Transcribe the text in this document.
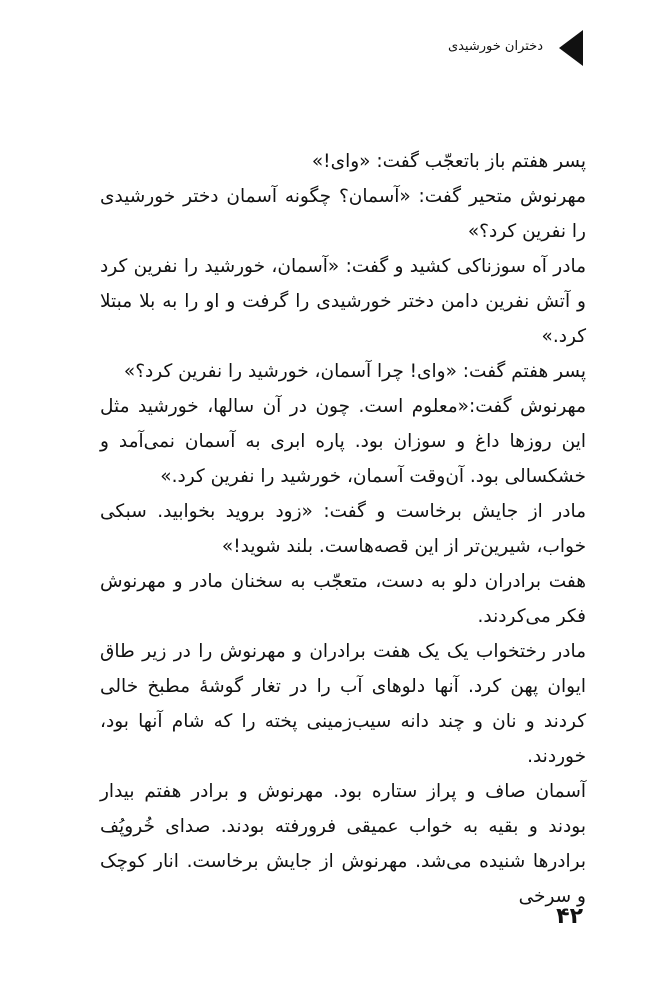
دختران خورشیدی

پسر هفتم باز باتعجّب گفت: «وای!»

مهرنوش متحیر گفت: «آسمان؟ چگونه آسمان دختر خورشیدی را نفرین کرد؟»

مادر آه سوزناکی کشید و گفت: «آسمان، خورشید را نفرین کرد و آتش نفرین دامن دختر خورشیدی را گرفت و او را به بلا مبتلا کرد.»

پسر هفتم گفت: «وای! چرا آسمان، خورشید را نفرین کرد؟»

مهرنوش گفت:«معلوم است. چون در آن سالها، خورشید مثل این روزها داغ و سوزان بود. پاره ابری به آسمان نمی‌آمد و خشکسالی بود. آن‌وقت آسمان، خورشید را نفرین کرد.»

مادر از جایش برخاست و گفت: «زود بروید بخوابید. سبکی خواب، شیرین‌تر از این قصه‌هاست. بلند شوید!»

هفت برادران دلو به دست، متعجّب به سخنان مادر و مهرنوش فکر می‌کردند.

مادر رختخواب یک یک هفت برادران و مهرنوش را در زیر طاق ایوان پهن کرد. آنها دلوهای آب را در تغار گوشهٔ مطبخ خالی کردند و نان و چند دانه سیب‌زمینی پخته را که شام آنها بود، خوردند.

آسمان صاف و پراز ستاره بود. مهرنوش و برادر هفتم بیدار بودند و بقیه به خواب عمیقی فرورفته بودند. صدای خُروپُف برادرها شنیده می‌شد. مهرنوش از جایش برخاست. انار کوچک و سرخی

۴۲
